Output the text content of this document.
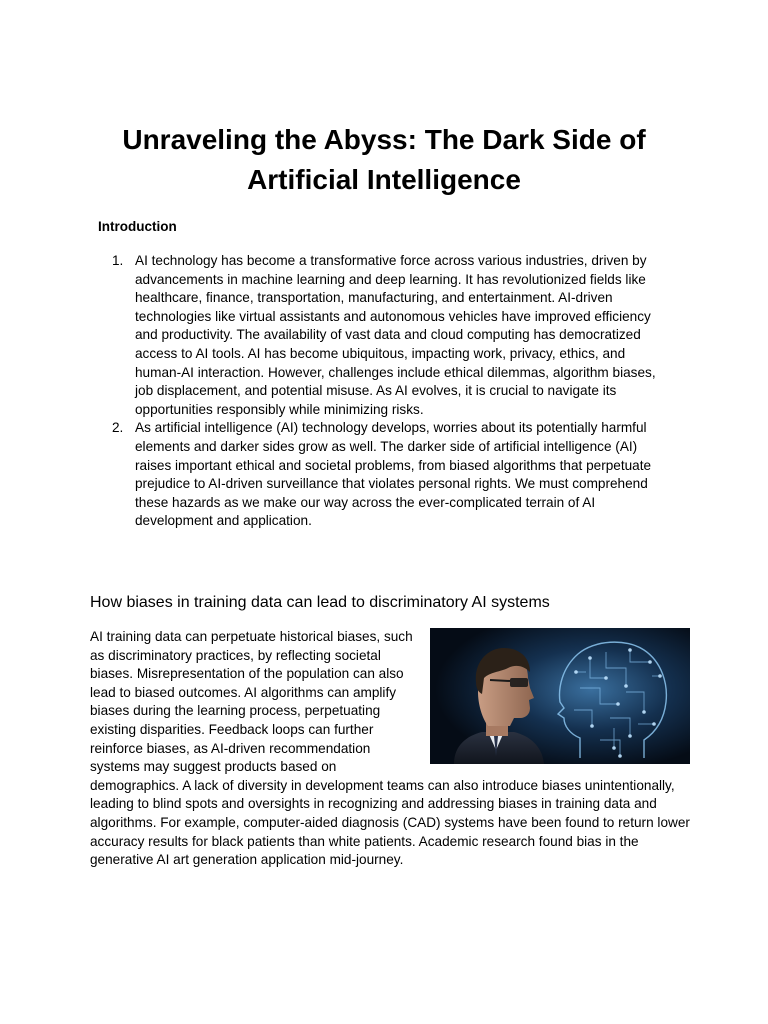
Unraveling the Abyss: The Dark Side of Artificial Intelligence
Introduction
1. AI technology has become a transformative force across various industries, driven by advancements in machine learning and deep learning. It has revolutionized fields like healthcare, finance, transportation, manufacturing, and entertainment. AI-driven technologies like virtual assistants and autonomous vehicles have improved efficiency and productivity. The availability of vast data and cloud computing has democratized access to AI tools. AI has become ubiquitous, impacting work, privacy, ethics, and human-AI interaction. However, challenges include ethical dilemmas, algorithm biases, job displacement, and potential misuse. As AI evolves, it is crucial to navigate its opportunities responsibly while minimizing risks.
2. As artificial intelligence (AI) technology develops, worries about its potentially harmful elements and darker sides grow as well. The darker side of artificial intelligence (AI) raises important ethical and societal problems, from biased algorithms that perpetuate prejudice to AI-driven surveillance that violates personal rights. We must comprehend these hazards as we make our way across the ever-complicated terrain of AI development and application.
How biases in training data can lead to discriminatory AI systems
AI training data can perpetuate historical biases, such as discriminatory practices, by reflecting societal biases. Misrepresentation of the population can also lead to biased outcomes. AI algorithms can amplify biases during the learning process, perpetuating existing disparities. Feedback loops can further reinforce biases, as AI-driven recommendation systems may suggest products based on demographics. A lack of diversity in development teams can also introduce biases unintentionally, leading to blind spots and oversights in recognizing and addressing biases in training data and algorithms. For example, computer-aided diagnosis (CAD) systems have been found to return lower accuracy results for black patients than white patients. Academic research found bias in the generative AI art generation application mid-journey.
